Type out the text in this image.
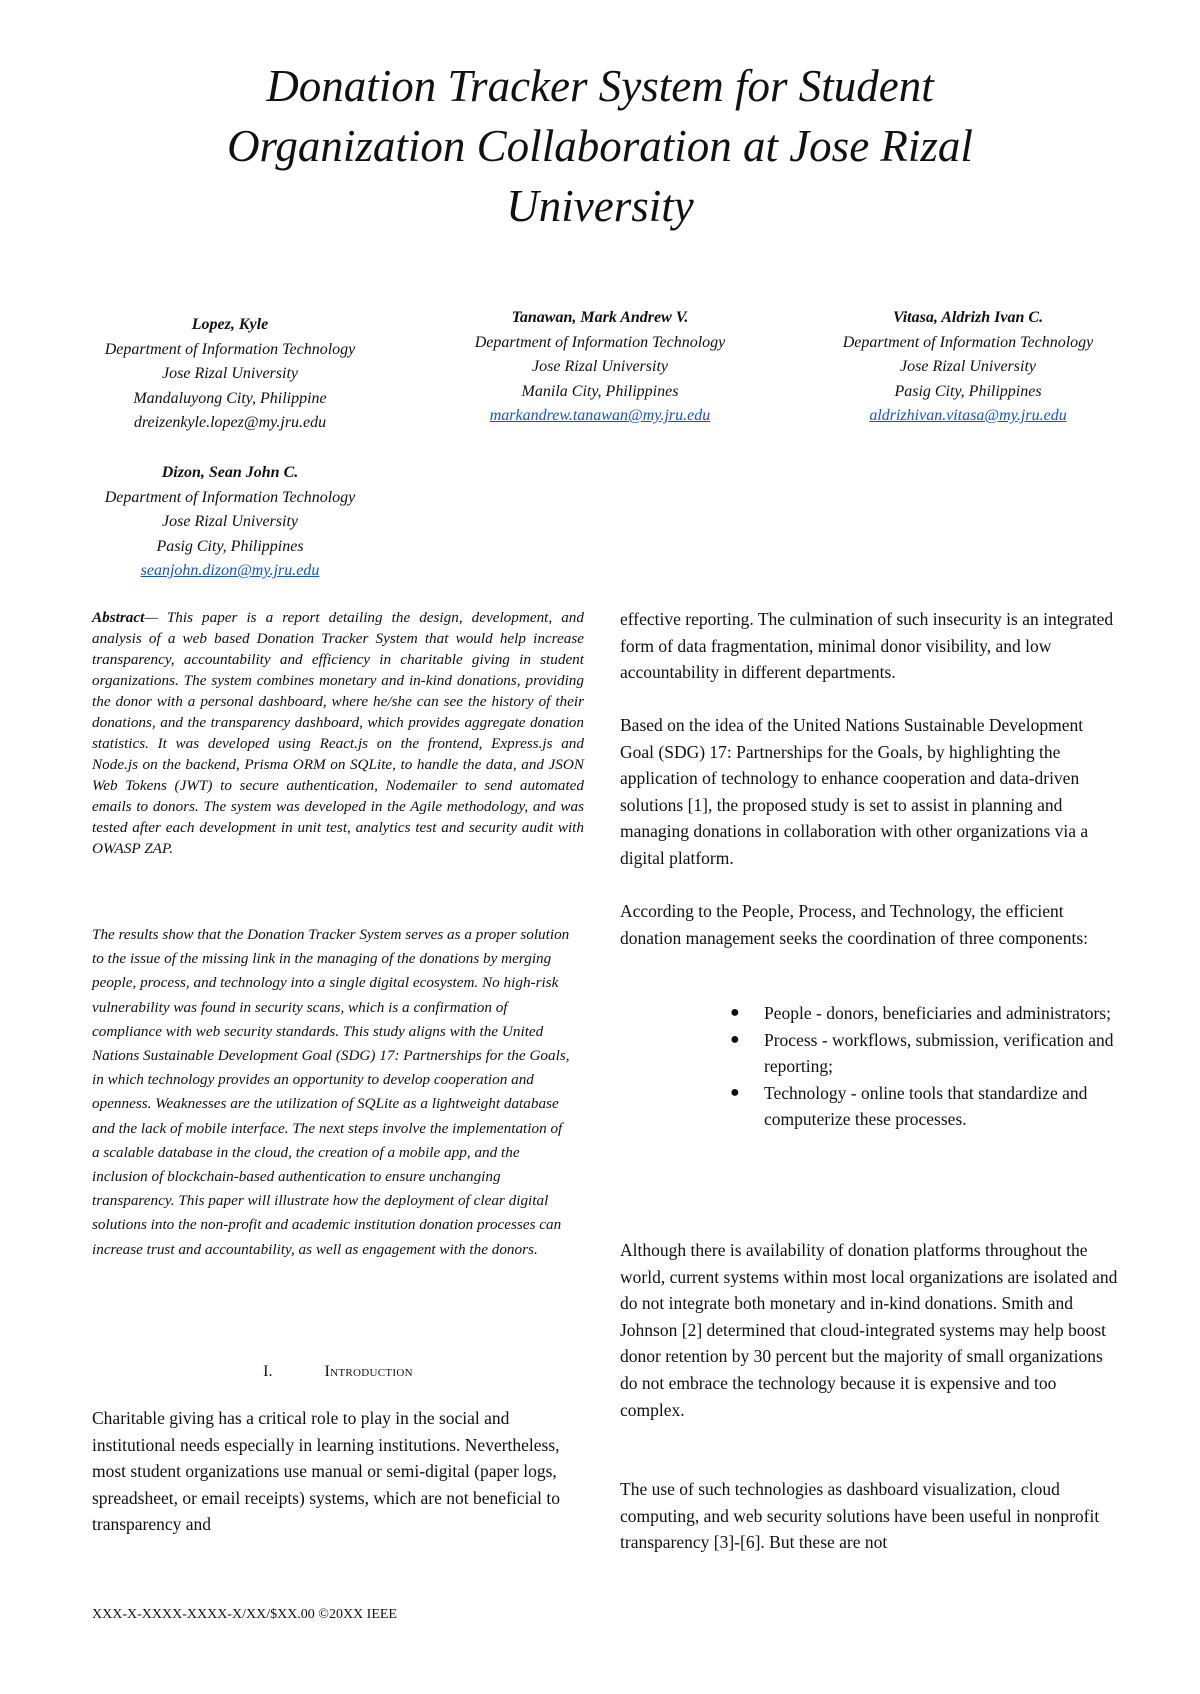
Donation Tracker System for Student
Organization Collaboration at Jose Rizal
University
Lopez, Kyle
Department of Information Technology
Jose Rizal University
Mandaluyong City, Philippine
dreizenkyle.lopez@my.jru.edu
Tanawan, Mark Andrew V.
Department of Information Technology
Jose Rizal University
Manila City, Philippines
markandrew.tanawan@my.jru.edu
Vitasa, Aldrizh Ivan C.
Department of Information Technology
Jose Rizal University
Pasig City, Philippines
aldrizhivan.vitasa@my.jru.edu
Dizon, Sean John C.
Department of Information Technology
Jose Rizal University
Pasig City, Philippines
seanjohn.dizon@my.jru.edu

Abstract— This paper is a report detailing the design, development, and analysis of a web based Donation Tracker System that would help increase transparency, accountability and efficiency in charitable giving in student organizations. The system combines monetary and in-kind donations, providing the donor with a personal dashboard, where he/she can see the history of their donations, and the transparency dashboard, which provides aggregate donation statistics. It was developed using React.js on the frontend, Express.js and Node.js on the backend, Prisma ORM on SQLite, to handle the data, and JSON Web Tokens (JWT) to secure authentication, Nodemailer to send automated emails to donors. The system was developed in the Agile methodology, and was tested after each development in unit test, analytics test and security audit with OWASP ZAP.

The results show that the Donation Tracker System serves as a proper solution to the issue of the missing link in the managing of the donations by merging people, process, and technology into a single digital ecosystem. No high-risk vulnerability was found in security scans, which is a confirmation of compliance with web security standards. This study aligns with the United Nations Sustainable Development Goal (SDG) 17: Partnerships for the Goals, in which technology provides an opportunity to develop cooperation and openness. Weaknesses are the utilization of SQLite as a lightweight database and the lack of mobile interface. The next steps involve the implementation of a scalable database in the cloud, the creation of a mobile app, and the inclusion of blockchain-based authentication to ensure unchanging transparency. This paper will illustrate how the deployment of clear digital solutions into the non-profit and academic institution donation processes can increase trust and accountability, as well as engagement with the donors.

I.	Introduction

Charitable giving has a critical role to play in the social and institutional needs especially in learning institutions. Nevertheless, most student organizations use manual or semi-digital (paper logs, spreadsheet, or email receipts) systems, which are not beneficial to transparency and

effective reporting. The culmination of such insecurity is an integrated form of data fragmentation, minimal donor visibility, and low accountability in different departments.

Based on the idea of the United Nations Sustainable Development Goal (SDG) 17: Partnerships for the Goals, by highlighting the application of technology to enhance cooperation and data-driven solutions [1], the proposed study is set to assist in planning and managing donations in collaboration with other organizations via a digital platform.

According to the People, Process, and Technology, the efficient donation management seeks the coordination of three components:

● People - donors, beneficiaries and administrators;
● Process - workflows, submission, verification and reporting;
● Technology - online tools that standardize and computerize these processes.

Although there is availability of donation platforms throughout the world, current systems within most local organizations are isolated and do not integrate both monetary and in-kind donations. Smith and Johnson [2] determined that cloud-integrated systems may help boost donor retention by 30 percent but the majority of small organizations do not embrace the technology because it is expensive and too complex.

The use of such technologies as dashboard visualization, cloud computing, and web security solutions have been useful in nonprofit transparency [3]-[6]. But these are not

XXX-X-XXXX-XXXX-X/XX/$XX.00 ©20XX IEEE
